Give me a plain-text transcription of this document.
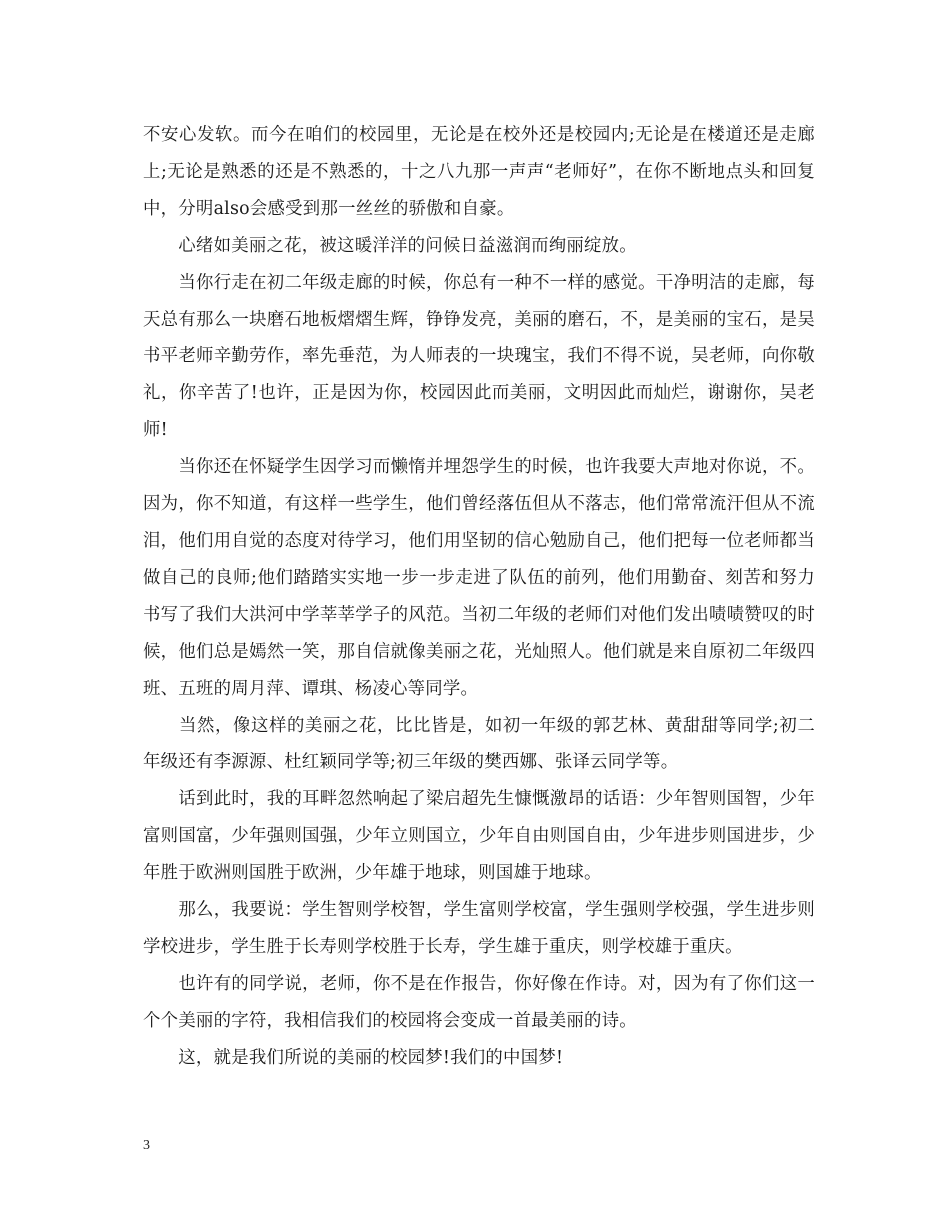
不安心发软。而今在咱们的校园里，无论是在校外还是校园内;无论是在楼道还是走廊上;无论是熟悉的还是不熟悉的，十之八九那一声声“老师好”，在你不断地点头和回复中，分明also会感受到那一丝丝的骄傲和自豪。

　　心绪如美丽之花，被这暖洋洋的问候日益滋润而绚丽绽放。

　　当你行走在初二年级走廊的时候，你总有一种不一样的感觉。干净明洁的走廊，每天总有那么一块磨石地板熠熠生辉，铮铮发亮，美丽的磨石，不，是美丽的宝石，是吴书平老师辛勤劳作，率先垂范，为人师表的一块瑰宝，我们不得不说，吴老师，向你敬礼，你辛苦了!也许，正是因为你，校园因此而美丽，文明因此而灿烂，谢谢你，吴老师!

　　当你还在怀疑学生因学习而懒惰并埋怨学生的时候，也许我要大声地对你说，不。因为，你不知道，有这样一些学生，他们曾经落伍但从不落志，他们常常流汗但从不流泪，他们用自觉的态度对待学习，他们用坚韧的信心勉励自己，他们把每一位老师都当做自己的良师;他们踏踏实实地一步一步走进了队伍的前列，他们用勤奋、刻苦和努力书写了我们大洪河中学莘莘学子的风范。当初二年级的老师们对他们发出啧啧赞叹的时候，他们总是嫣然一笑，那自信就像美丽之花，光灿照人。他们就是来自原初二年级四班、五班的周月萍、谭琪、杨凌心等同学。

　　当然，像这样的美丽之花，比比皆是，如初一年级的郭艺林、黄甜甜等同学;初二年级还有李源源、杜红颖同学等;初三年级的樊西娜、张译云同学等。

　　话到此时，我的耳畔忽然响起了梁启超先生慷慨激昂的话语：少年智则国智，少年富则国富，少年强则国强，少年立则国立，少年自由则国自由，少年进步则国进步，少年胜于欧洲则国胜于欧洲，少年雄于地球，则国雄于地球。

　　那么，我要说：学生智则学校智，学生富则学校富，学生强则学校强，学生进步则学校进步，学生胜于长寿则学校胜于长寿，学生雄于重庆，则学校雄于重庆。

　　也许有的同学说，老师，你不是在作报告，你好像在作诗。对，因为有了你们这一个个美丽的字符，我相信我们的校园将会变成一首最美丽的诗。

　　这，就是我们所说的美丽的校园梦!我们的中国梦!

3
